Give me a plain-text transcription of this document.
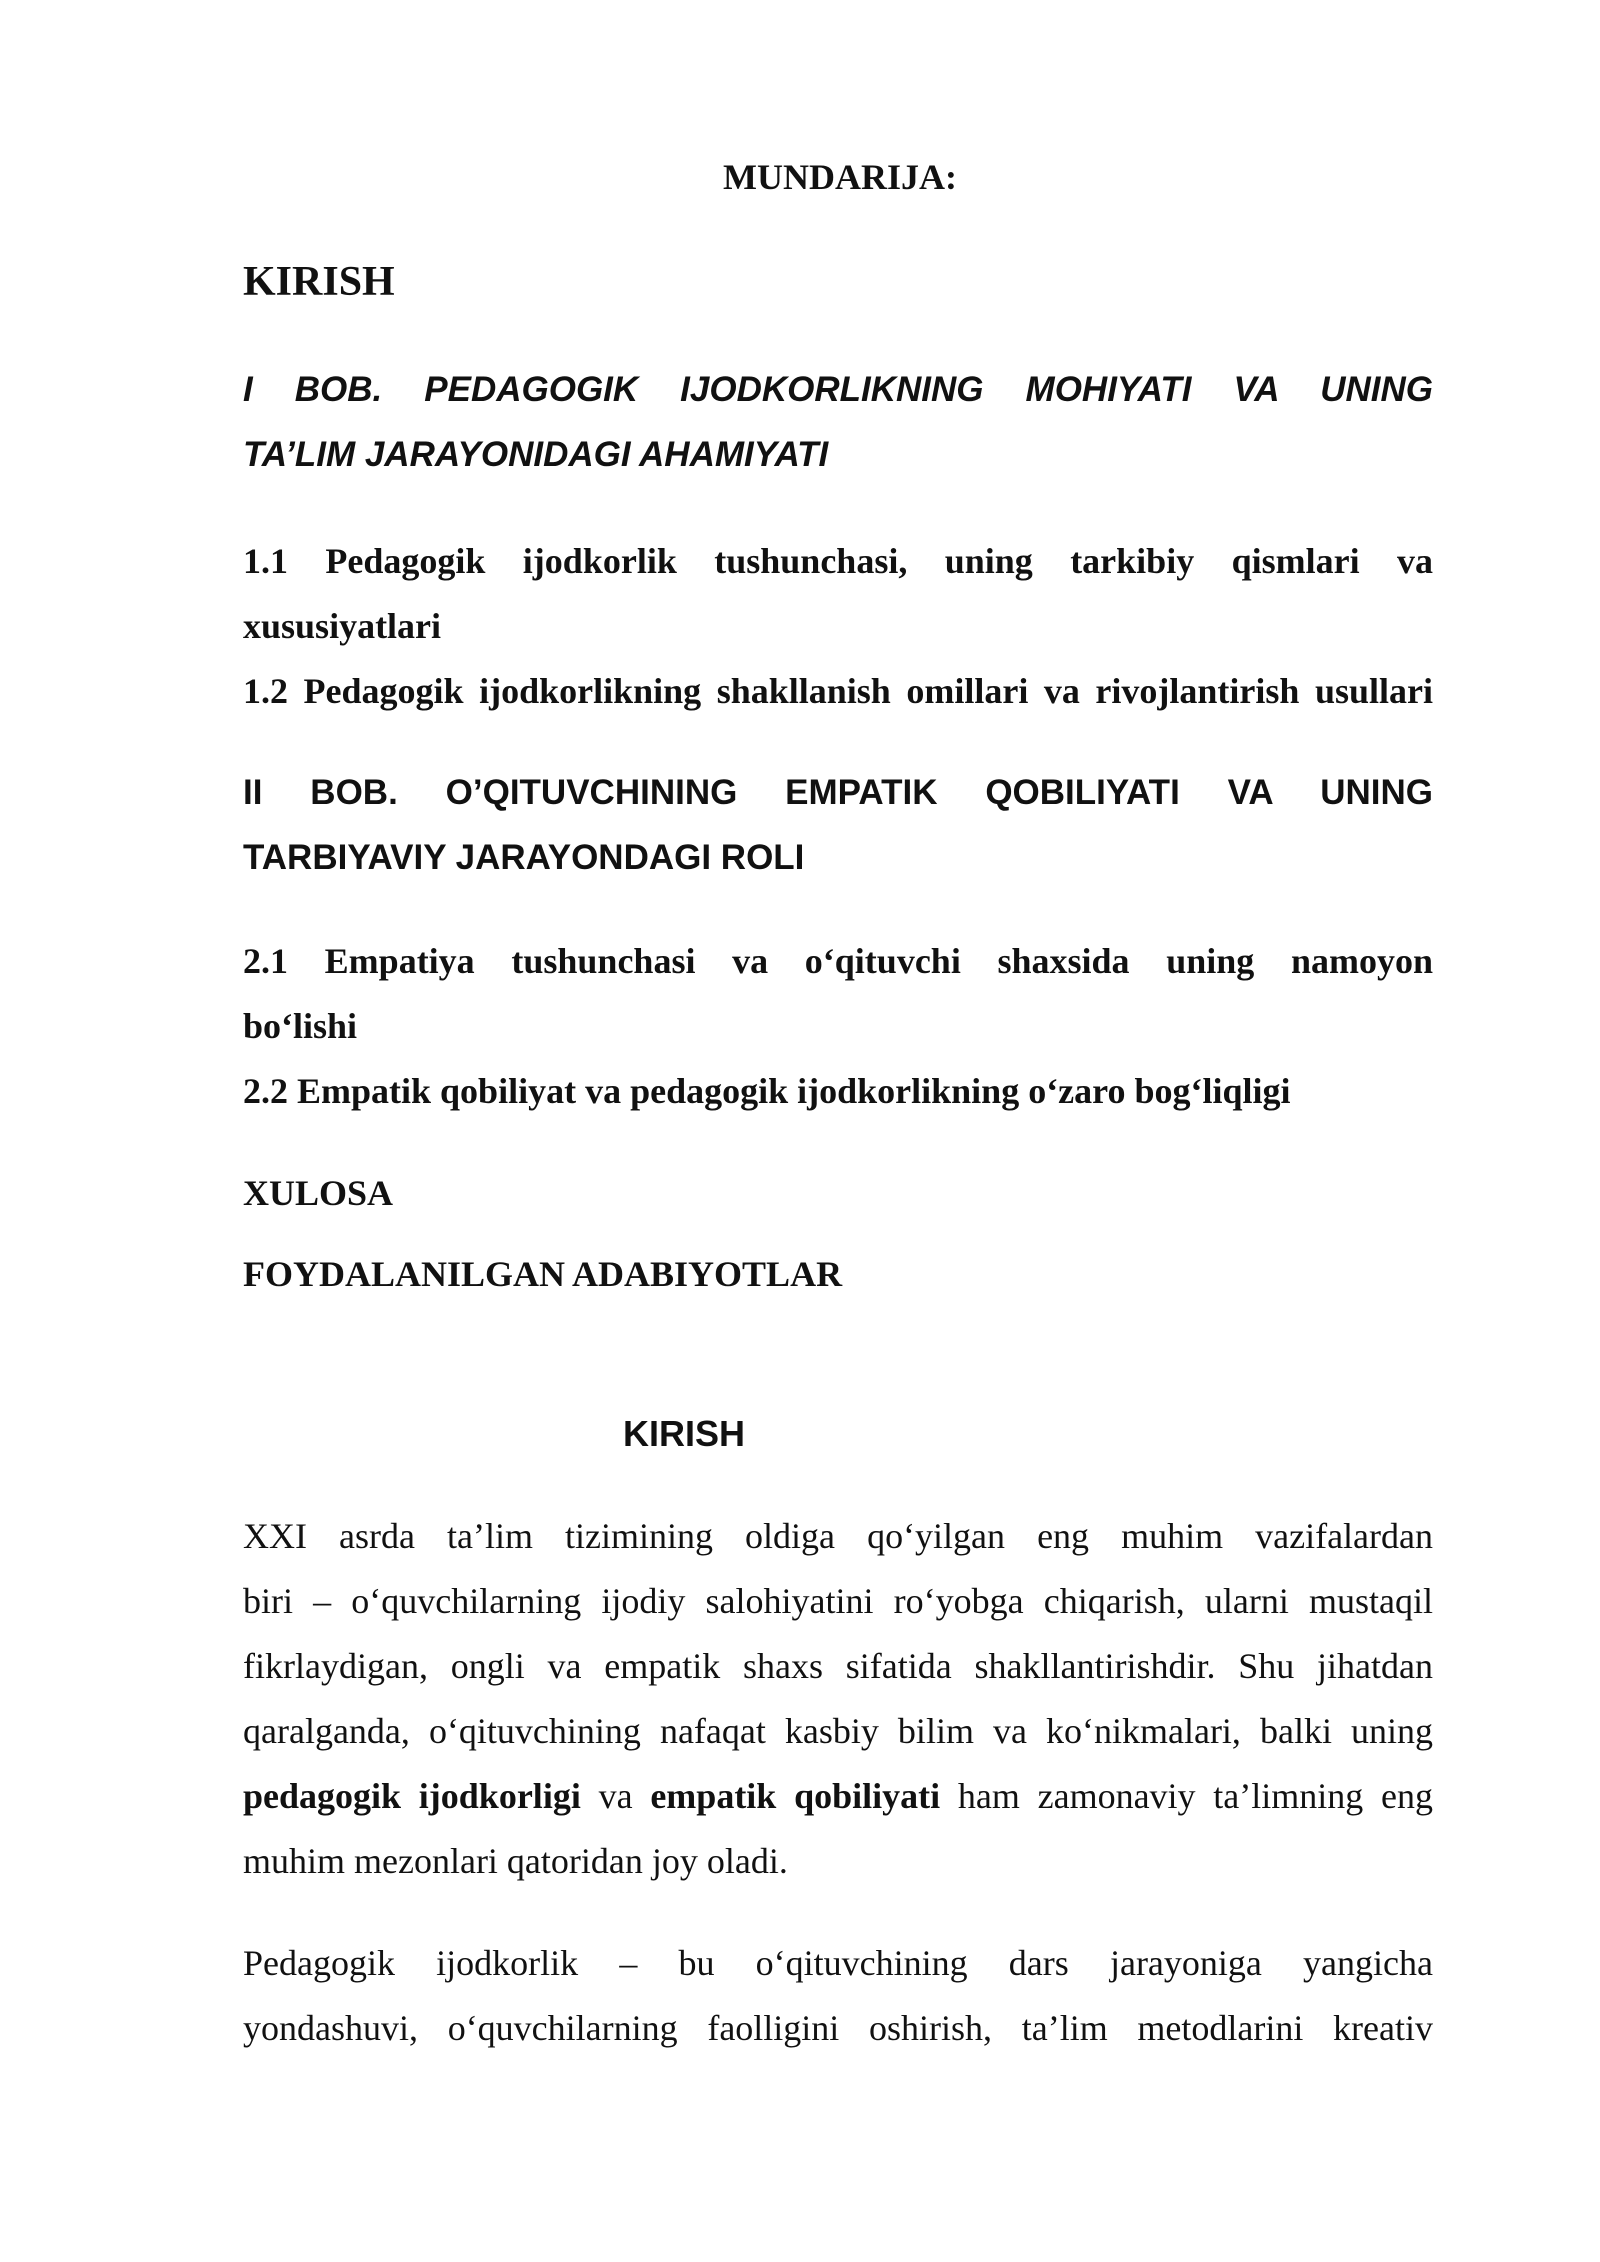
MUNDARIJA:
KIRISH
I BOB. PEDAGOGIK IJODKORLIKNING MOHIYATI VA UNING
TA’LIM JARAYONIDAGI AHAMIYATI
1.1 Pedagogik ijodkorlik tushunchasi, uning tarkibiy qismlari va
xususiyatlari
1.2 Pedagogik ijodkorlikning shakllanish omillari va rivojlantirish usullari
II BOB. O’QITUVCHINING EMPATIK QOBILIYATI VA UNING
TARBIYAVIY JARAYONDAGI ROLI
2.1 Empatiya tushunchasi va o‘qituvchi shaxsida uning namoyon
bo‘lishi
2.2 Empatik qobiliyat va pedagogik ijodkorlikning o‘zaro bog‘liqligi
XULOSA
FOYDALANILGAN ADABIYOTLAR
KIRISH
XXI asrda ta’lim tizimining oldiga qo‘yilgan eng muhim vazifalardan
biri – o‘quvchilarning ijodiy salohiyatini ro‘yobga chiqarish, ularni mustaqil
fikrlaydigan, ongli va empatik shaxs sifatida shakllantirishdir. Shu jihatdan
qaralganda, o‘qituvchining nafaqat kasbiy bilim va ko‘nikmalari, balki uning
pedagogik ijodkorligi va empatik qobiliyati ham zamonaviy ta’limning eng
muhim mezonlari qatoridan joy oladi.
Pedagogik ijodkorlik – bu o‘qituvchining dars jarayoniga yangicha
yondashuvi, o‘quvchilarning faolligini oshirish, ta’lim metodlarini kreativ
